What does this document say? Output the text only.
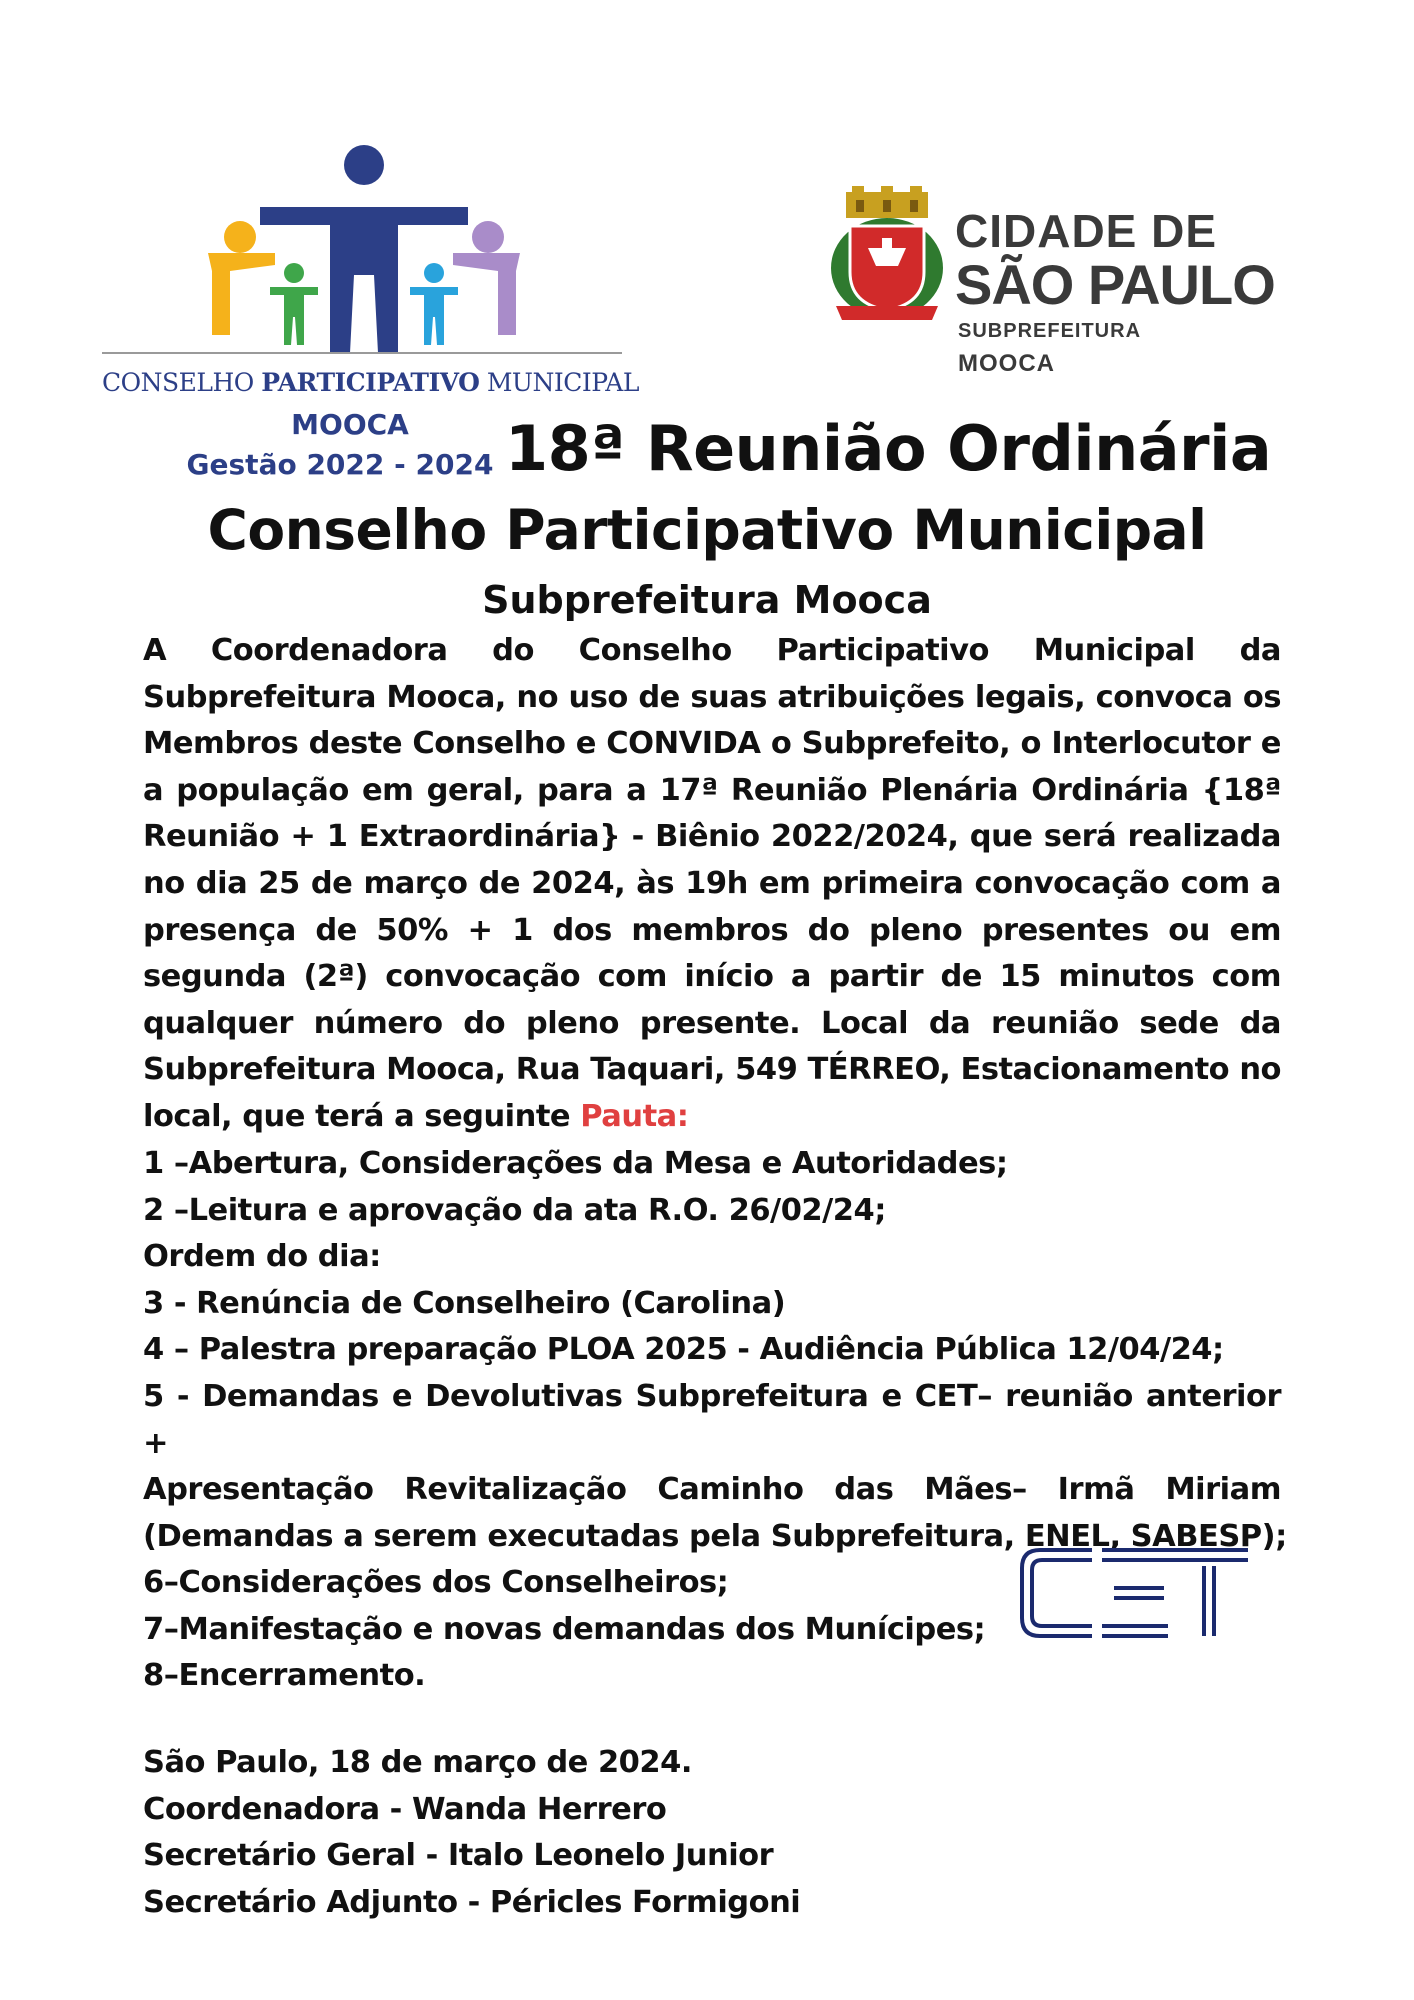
CONSELHO PARTICIPATIVO MUNICIPAL
MOOCA
Gestão 2022 - 2024
CIDADE DE
SÃO PAULO
SUBPREFEITURA
MOOCA
18ª Reunião Ordinária
Conselho Participativo Municipal
Subprefeitura Mooca
A Coordenadora do Conselho Participativo Municipal da Subprefeitura Mooca, no uso de suas atribuições legais, convoca os Membros deste Conselho e CONVIDA o Subprefeito, o Interlocutor e a população em geral, para a 17ª Reunião Plenária Ordinária {18ª Reunião + 1 Extraordinária} - Biênio 2022/2024, que será realizada no dia 25 de março de 2024, às 19h em primeira convocação com a presença de 50% + 1 dos membros do pleno presentes ou em segunda (2ª) convocação com início a partir de 15 minutos com qualquer número do pleno presente. Local da reunião sede da Subprefeitura Mooca, Rua Taquari, 549 TÉRREO, Estacionamento no local, que terá a seguinte Pauta:
1 –Abertura, Considerações da Mesa e Autoridades;
2 –Leitura e aprovação da ata R.O. 26/02/24;
Ordem do dia:
3 - Renúncia de Conselheiro (Carolina)
4 – Palestra preparação PLOA 2025 - Audiência Pública 12/04/24;
5 - Demandas e Devolutivas Subprefeitura e CET– reunião anterior +
Apresentação Revitalização Caminho das Mães– Irmã Miriam
(Demandas a serem executadas pela Subprefeitura, ENEL, SABESP);
6–Considerações dos Conselheiros;
7–Manifestação e novas demandas dos Munícipes;
8–Encerramento.
São Paulo, 18 de março de 2024.
Coordenadora - Wanda Herrero
Secretário Geral - Italo Leonelo Junior
Secretário Adjunto - Péricles Formigoni
